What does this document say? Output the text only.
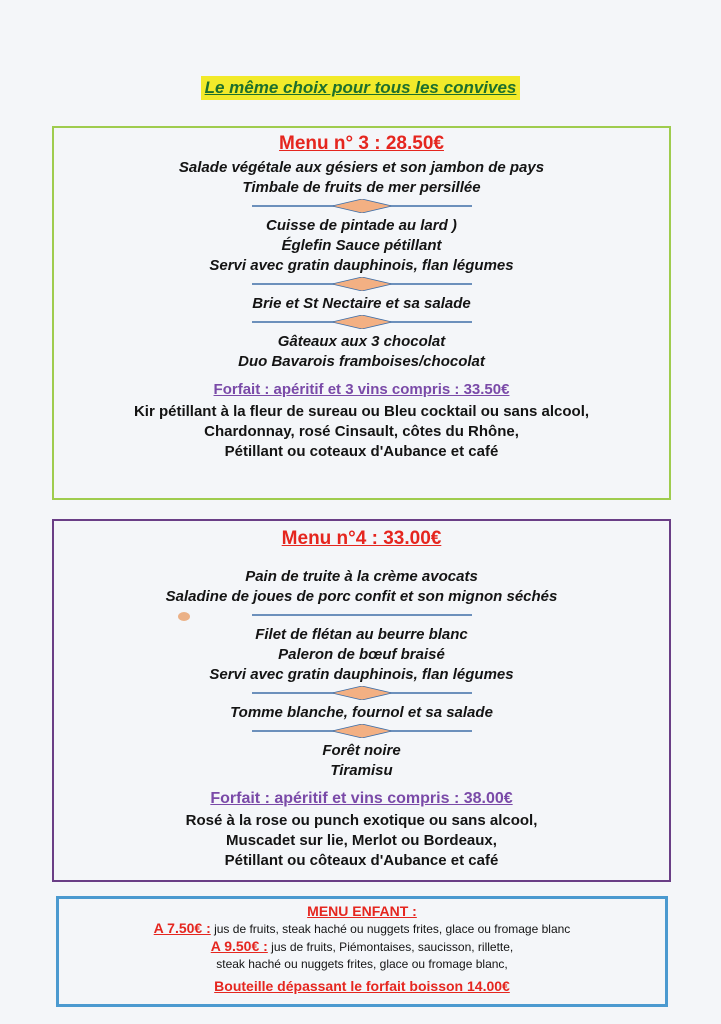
Le même choix pour tous les convives
Menu n° 3 : 28.50€
Salade végétale aux gésiers et son jambon de pays
Timbale de fruits de mer persillée
Cuisse de pintade au lard )
Églefin Sauce pétillant
Servi avec gratin dauphinois, flan légumes
Brie et St Nectaire et sa salade
Gâteaux aux 3 chocolat
Duo Bavarois framboises/chocolat
Forfait : apéritif et 3 vins compris : 33.50€
Kir pétillant à la fleur de sureau ou Bleu cocktail ou sans alcool,
Chardonnay, rosé Cinsault, côtes du Rhône,
Pétillant ou coteaux d'Aubance et café
Menu n°4 : 33.00€
Pain de truite à la crème avocats
Saladine de joues de porc confit et son mignon séchés
Filet de flétan au beurre blanc
Paleron de bœuf braisé
Servi avec gratin dauphinois, flan légumes
Tomme blanche, fournol et sa salade
Forêt noire
Tiramisu
Forfait : apéritif et vins compris : 38.00€
Rosé à la rose ou punch exotique ou sans alcool,
Muscadet sur lie, Merlot ou Bordeaux,
Pétillant ou côteaux d'Aubance et café
MENU ENFANT :
A 7.50€ : jus de fruits, steak haché ou nuggets frites, glace ou fromage blanc
A 9.50€ : jus de fruits, Piémontaises, saucisson, rillette,
steak haché ou nuggets frites, glace ou fromage blanc,
Bouteille dépassant le forfait boisson 14.00€
